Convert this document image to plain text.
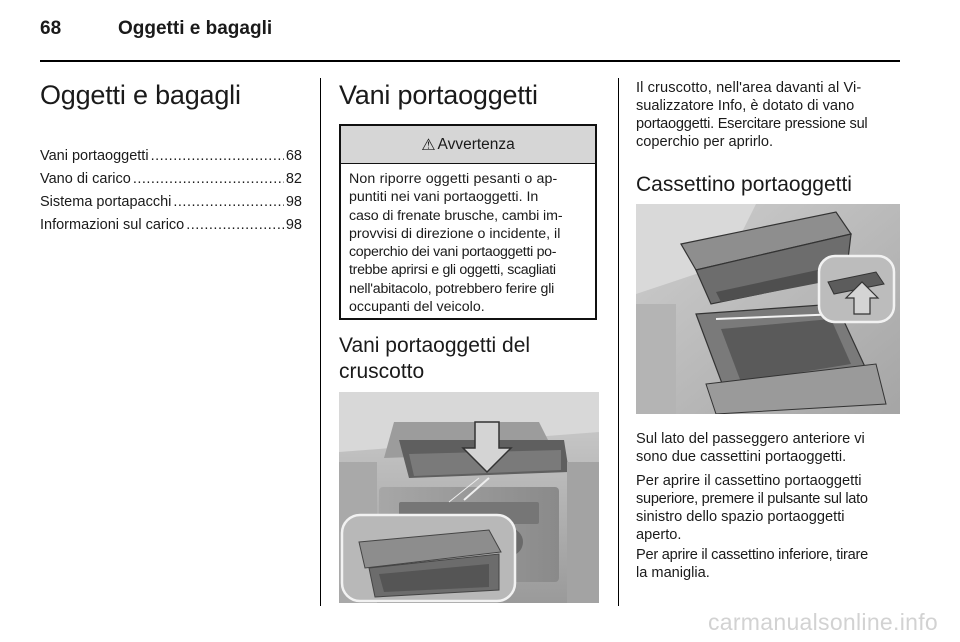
68	Oggetti e bagagli
Oggetti e bagagli
Vani portaoggetti .....	68
Vano di carico .....	82
Sistema portapacchi .....	98
Informazioni sul carico .....	98
Vani portaoggetti
⚠ Avvertenza
Non riporre oggetti pesanti o ap-
puntiti nei vani portaoggetti. In
caso di frenate brusche, cambi im-
provvisi di direzione o incidente, il
coperchio dei vani portaoggetti po-
trebbe aprirsi e gli oggetti, scagliati
nell'abitacolo, potrebbero ferire gli
occupanti del veicolo.
Vani portaoggetti del
cruscotto
Il cruscotto, nell'area davanti al Vi-
sualizzatore Info, è dotato di vano
portaoggetti. Esercitare pressione sul
coperchio per aprirlo.
Cassettino portaoggetti
Sul lato del passeggero anteriore vi
sono due cassettini portaoggetti.
Per aprire il cassettino portaoggetti
superiore, premere il pulsante sul lato
sinistro dello spazio portaoggetti
aperto.
Per aprire il cassettino inferiore, tirare
la maniglia.
carmanualsonline.info
